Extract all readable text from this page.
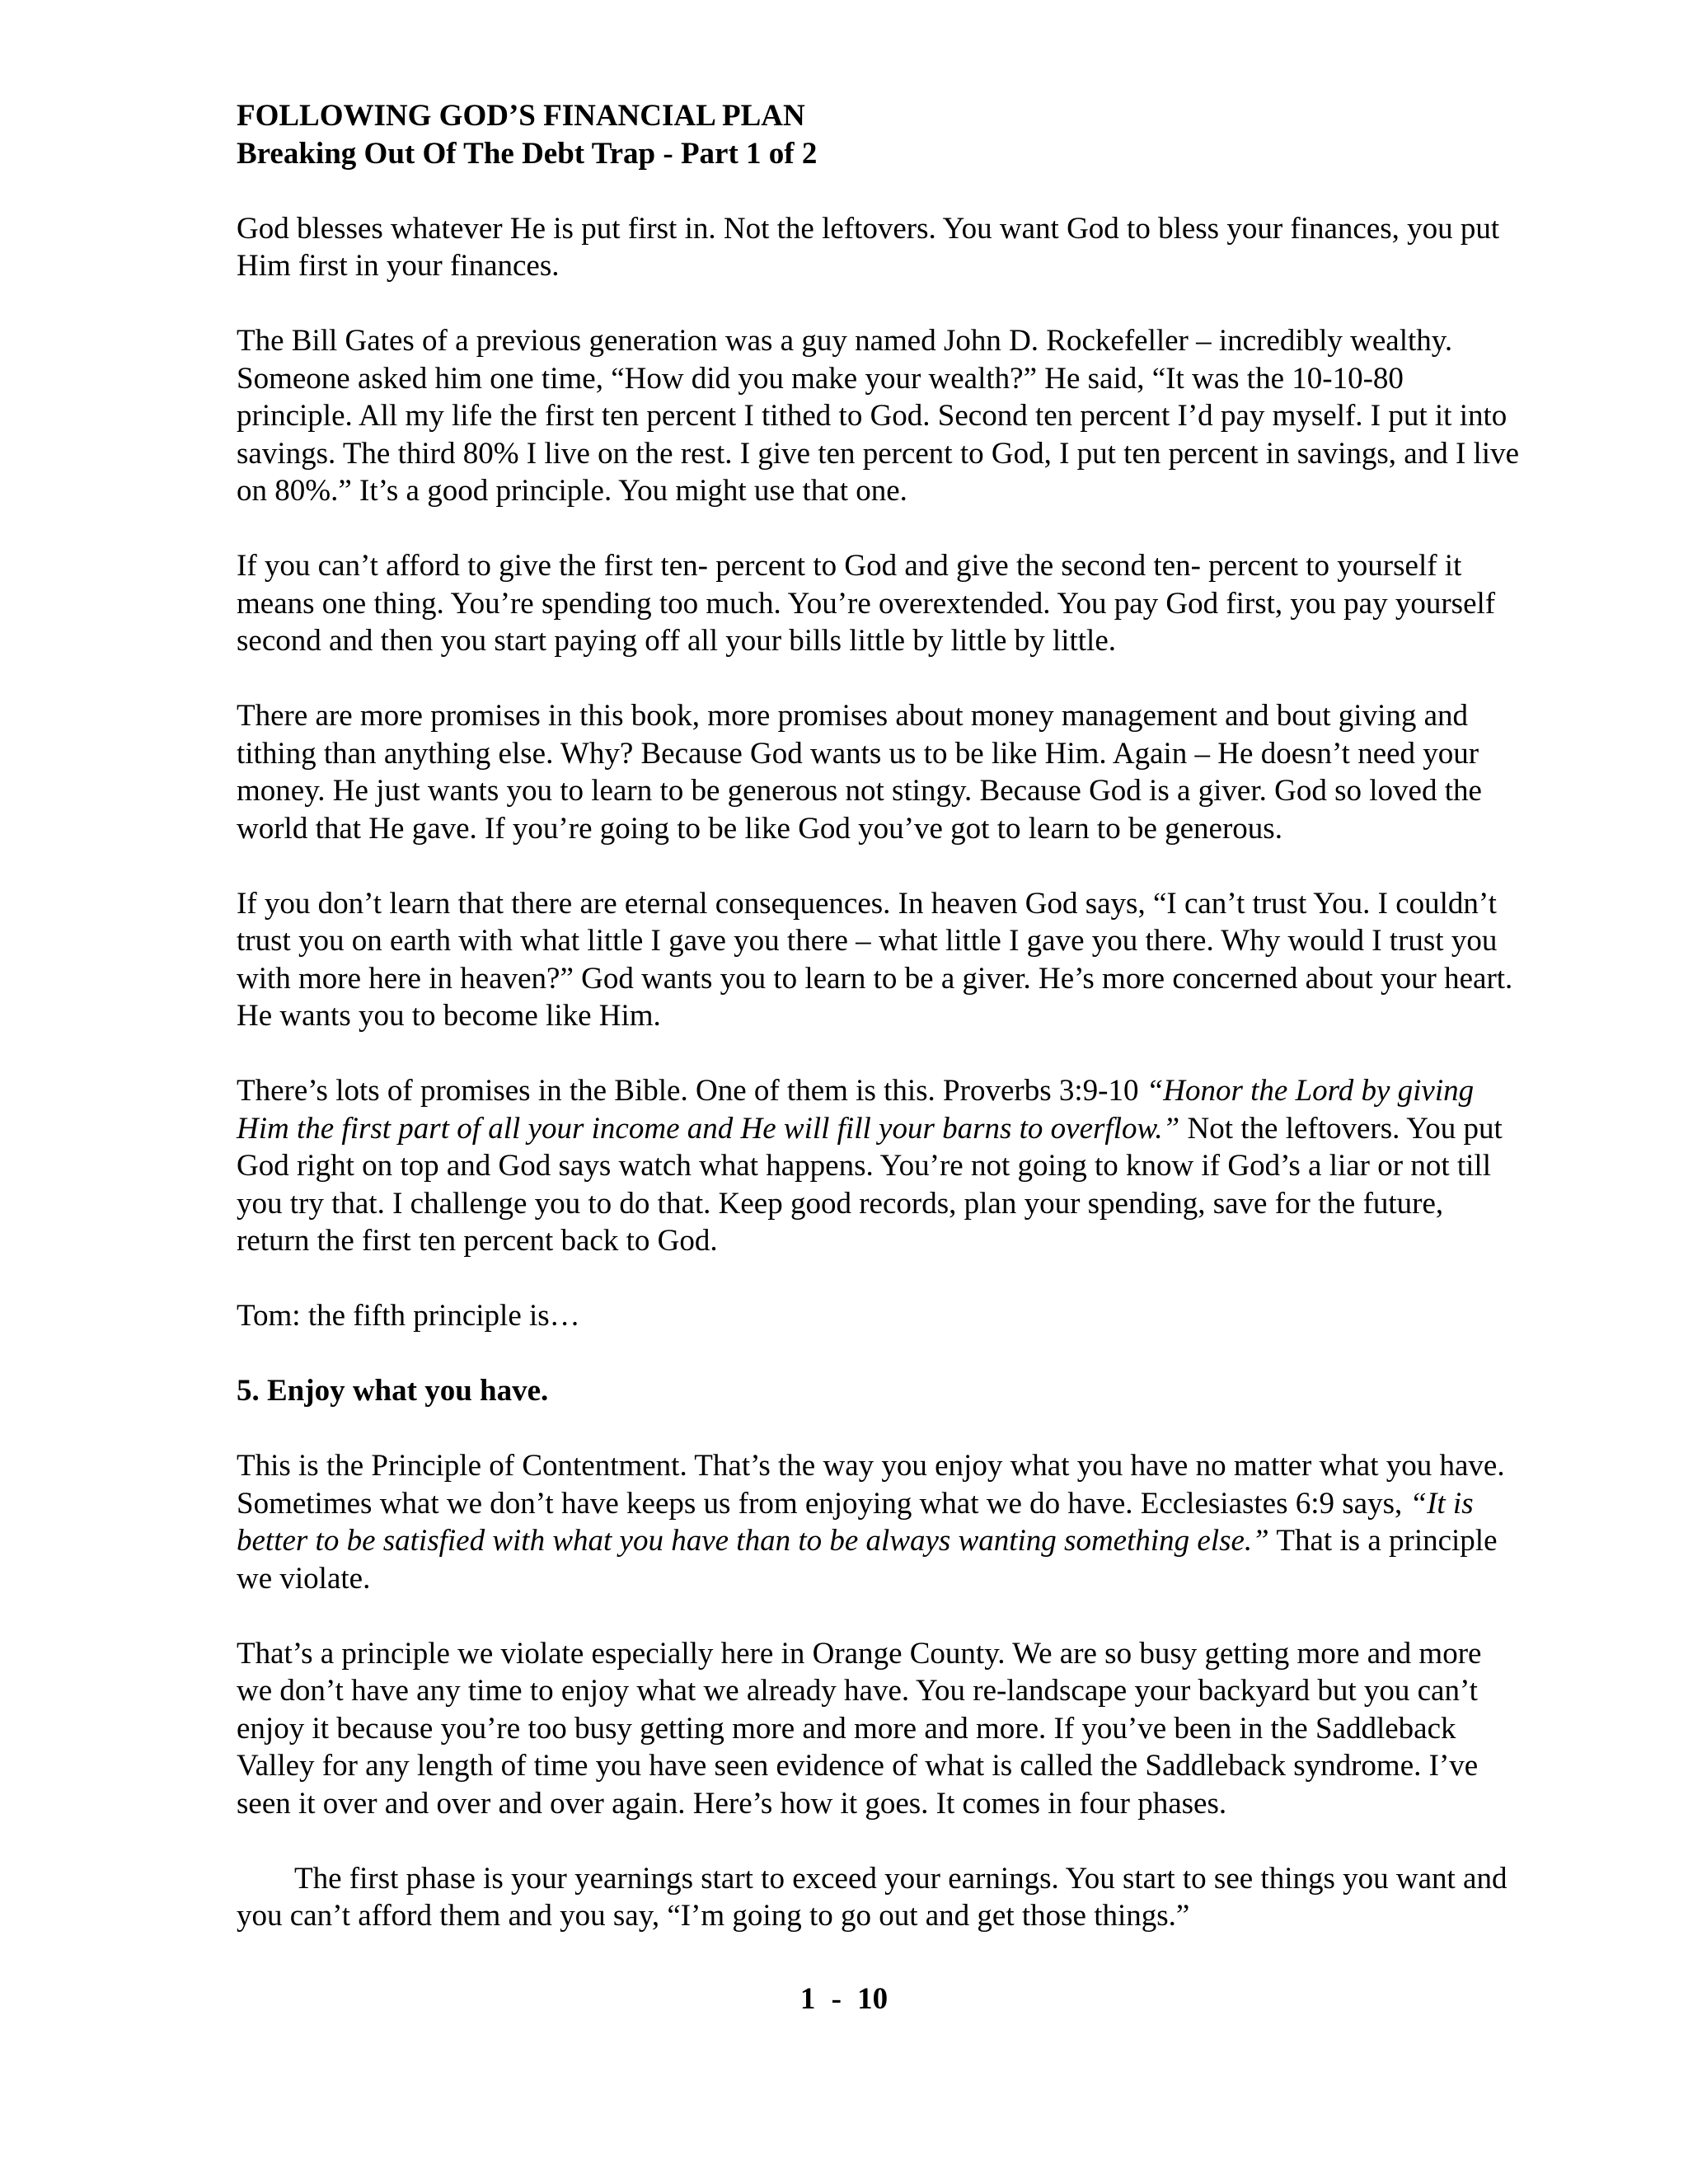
FOLLOWING GOD’S FINANCIAL PLAN

Breaking Out Of The Debt Trap - Part 1 of 2

God blesses whatever He is put first in. Not the leftovers. You want God to bless your finances, you put Him first in your finances.

The Bill Gates of a previous generation was a guy named John D. Rockefeller – incredibly wealthy. Someone asked him one time, “How did you make your wealth?” He said, “It was the 10-10-80 principle. All my life the first ten percent I tithed to God. Second ten percent I’d pay myself. I put it into savings. The third 80% I live on the rest. I give ten percent to God, I put ten percent in savings, and I live on 80%.” It’s a good principle. You might use that one.

If you can’t afford to give the first ten- percent to God and give the second ten- percent to yourself it means one thing. You’re spending too much. You’re overextended. You pay God first, you pay yourself second and then you start paying off all your bills little by little by little.

There are more promises in this book, more promises about money management and bout giving and tithing than anything else. Why? Because God wants us to be like Him. Again – He doesn’t need your money. He just wants you to learn to be generous not stingy. Because God is a giver. God so loved the world that He gave. If you’re going to be like God you’ve got to learn to be generous.

If you don’t learn that there are eternal consequences. In heaven God says, “I can’t trust You. I couldn’t trust you on earth with what little I gave you there – what little I gave you there. Why would I trust you with more here in heaven?” God wants you to learn to be a giver. He’s more concerned about your heart. He wants you to become like Him.

There’s lots of promises in the Bible. One of them is this. Proverbs 3:9-10 “Honor the Lord by giving Him the first part of all your income and He will fill your barns to overflow.” Not the leftovers. You put God right on top and God says watch what happens. You’re not going to know if God’s a liar or not till you try that. I challenge you to do that. Keep good records, plan your spending, save for the future, return the first ten percent back to God.

Tom: the fifth principle is…

5. Enjoy what you have.

This is the Principle of Contentment. That’s the way you enjoy what you have no matter what you have. Sometimes what we don’t have keeps us from enjoying what we do have. Ecclesiastes 6:9 says, “It is better to be satisfied with what you have than to be always wanting something else.” That is a principle we violate.

That’s a principle we violate especially here in Orange County. We are so busy getting more and more we don’t have any time to enjoy what we already have. You re-landscape your backyard but you can’t enjoy it because you’re too busy getting more and more and more. If you’ve been in the Saddleback Valley for any length of time you have seen evidence of what is called the Saddleback syndrome. I’ve seen it over and over and over again. Here’s how it goes. It comes in four phases.

The first phase is your yearnings start to exceed your earnings. You start to see things you want and you can’t afford them and you say, “I’m going to go out and get those things.”

1 - 10
